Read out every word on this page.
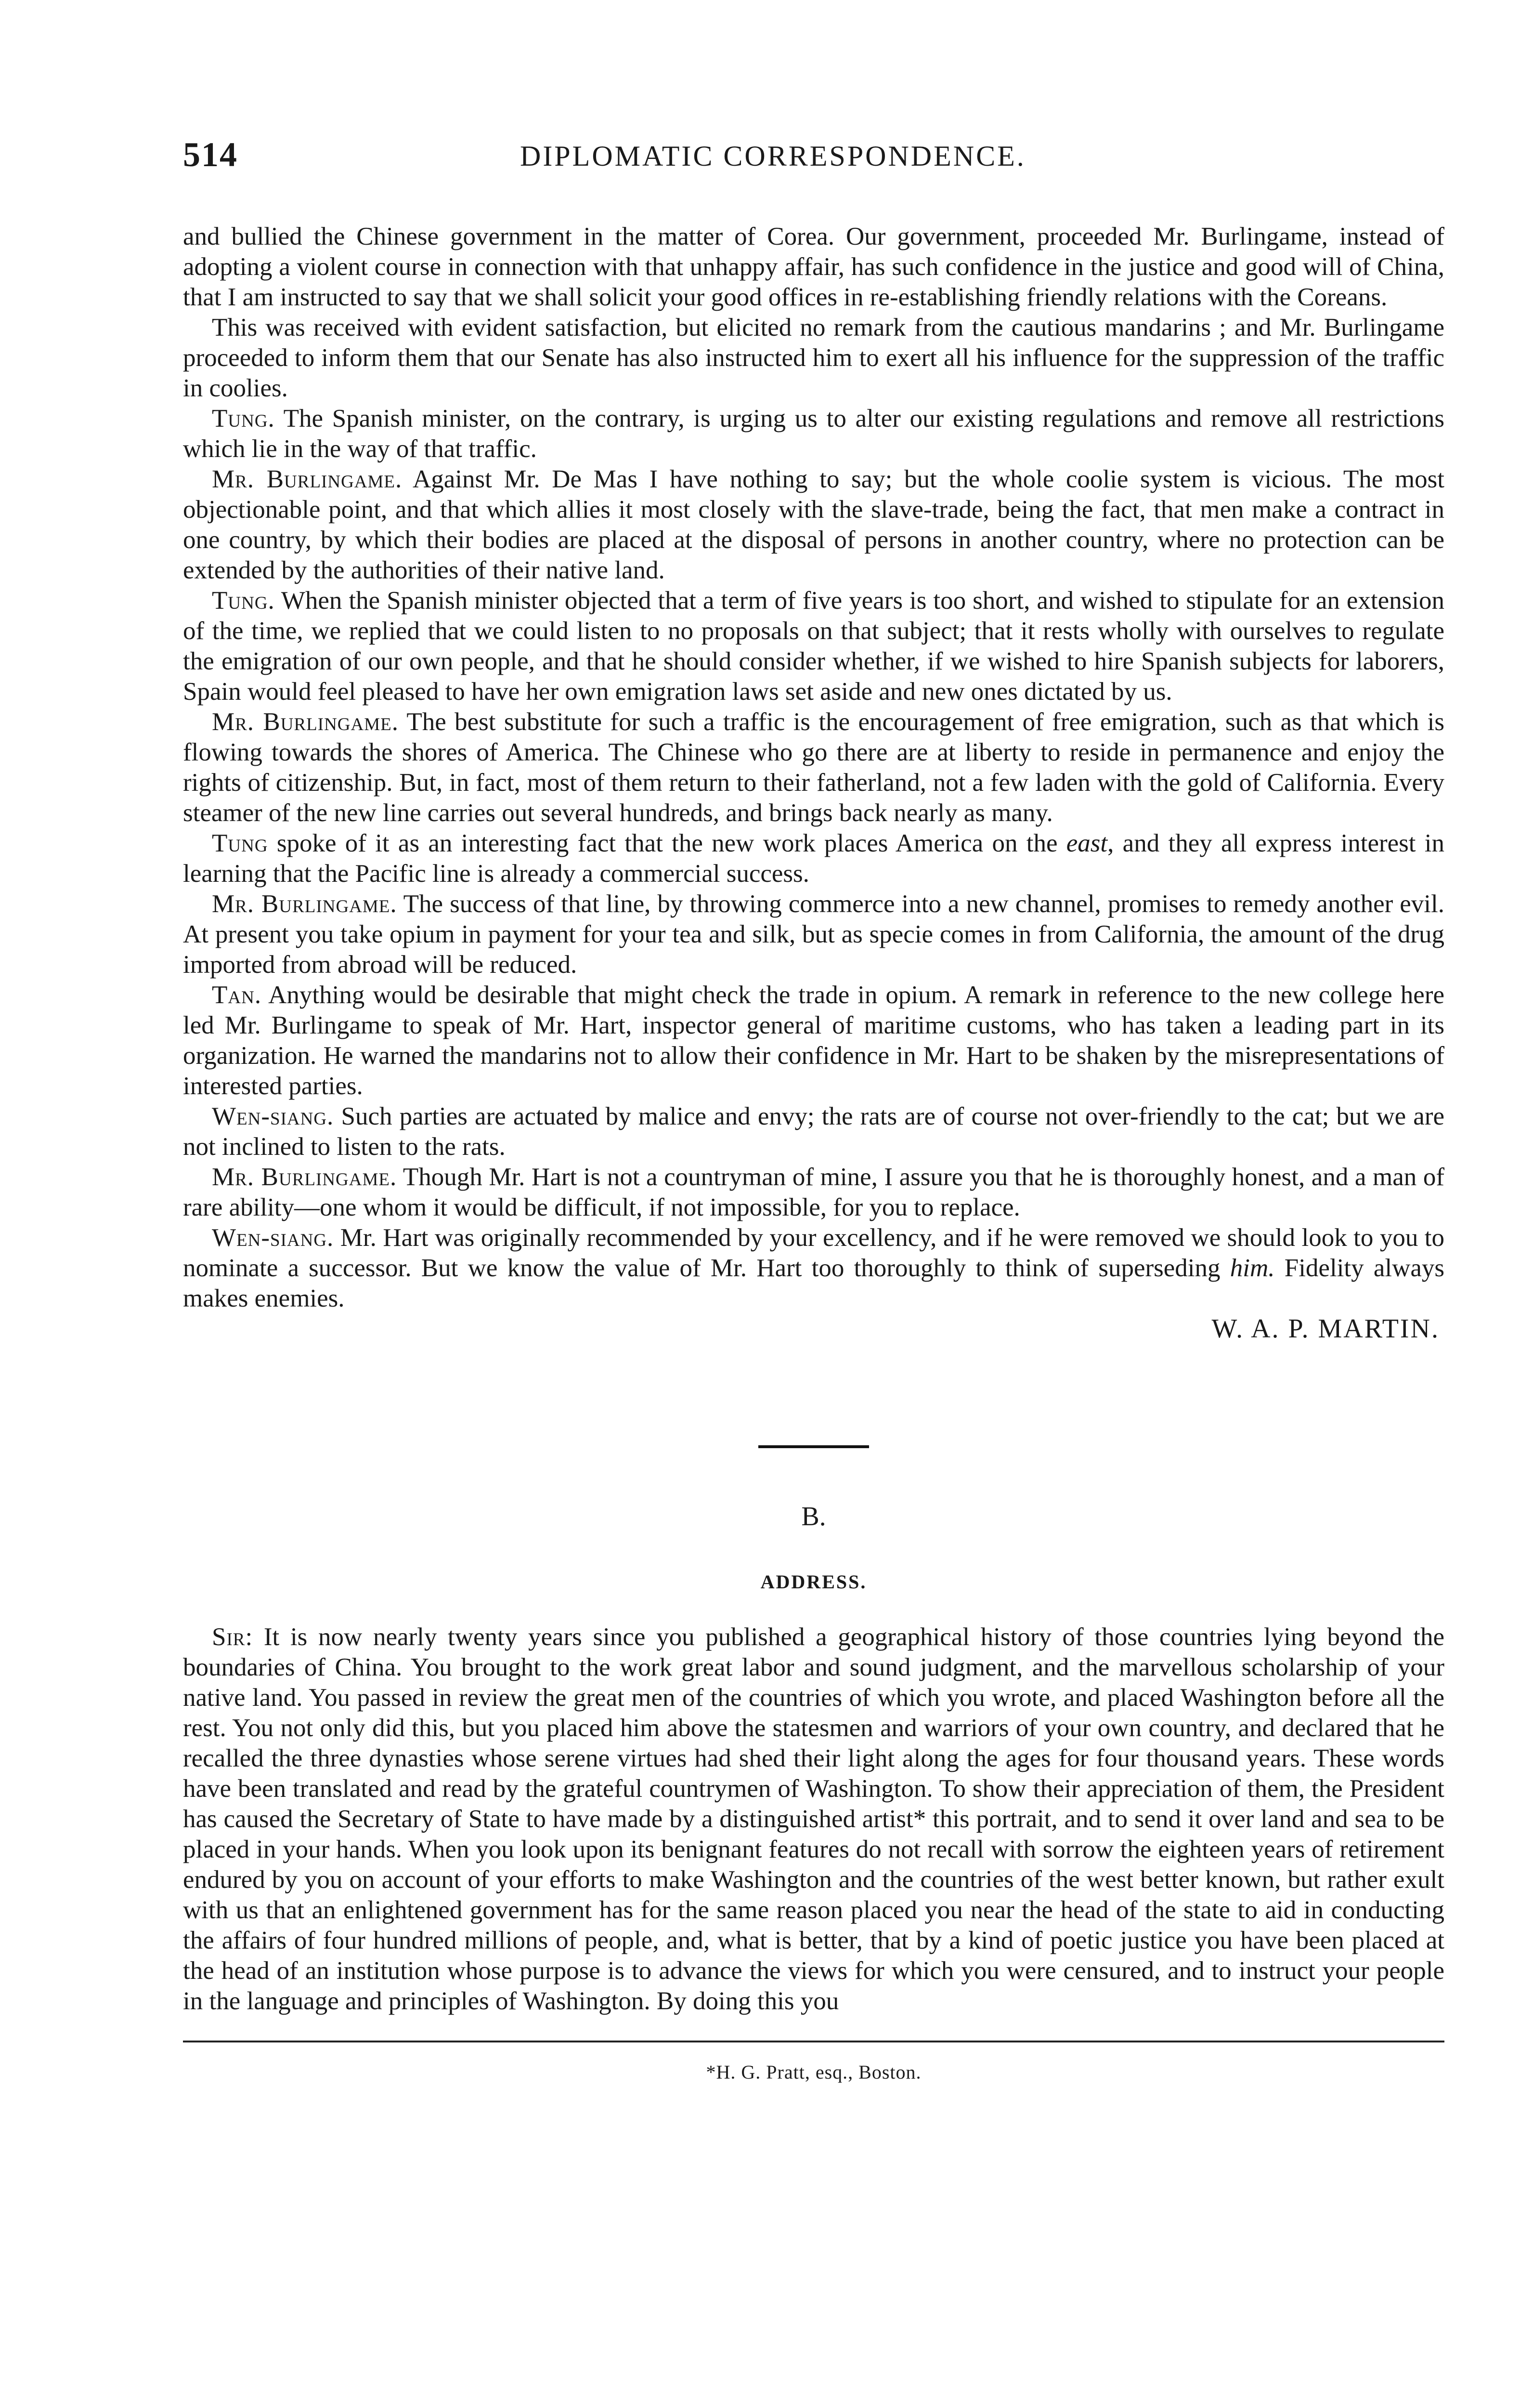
514	DIPLOMATIC CORRESPONDENCE.

and bullied the Chinese government in the matter of Corea. Our government, proceeded Mr. Burlingame, instead of adopting a violent course in connection with that unhappy affair, has such confidence in the justice and good will of China, that I am instructed to say that we shall solicit your good offices in re-establishing friendly relations with the Coreans.

This was received with evident satisfaction, but elicited no remark from the cautious mandarins ; and Mr. Burlingame proceeded to inform them that our Senate has also instructed him to exert all his influence for the suppression of the traffic in coolies.

Tung. The Spanish minister, on the contrary, is urging us to alter our existing regulations and remove all restrictions which lie in the way of that traffic.

Mr. Burlingame. Against Mr. De Mas I have nothing to say; but the whole coolie system is vicious. The most objectionable point, and that which allies it most closely with the slave-trade, being the fact, that men make a contract in one country, by which their bodies are placed at the disposal of persons in another country, where no protection can be extended by the authorities of their native land.

Tung. When the Spanish minister objected that a term of five years is too short, and wished to stipulate for an extension of the time, we replied that we could listen to no proposals on that subject; that it rests wholly with ourselves to regulate the emigration of our own people, and that he should consider whether, if we wished to hire Spanish subjects for laborers, Spain would feel pleased to have her own emigration laws set aside and new ones dictated by us.

Mr. Burlingame. The best substitute for such a traffic is the encouragement of free emigration, such as that which is flowing towards the shores of America. The Chinese who go there are at liberty to reside in permanence and enjoy the rights of citizenship. But, in fact, most of them return to their fatherland, not a few laden with the gold of California. Every steamer of the new line carries out several hundreds, and brings back nearly as many.

Tung spoke of it as an interesting fact that the new work places America on the east, and they all express interest in learning that the Pacific line is already a commercial success.

Mr. Burlingame. The success of that line, by throwing commerce into a new channel, promises to remedy another evil. At present you take opium in payment for your tea and silk, but as specie comes in from California, the amount of the drug imported from abroad will be reduced.

Tan. Anything would be desirable that might check the trade in opium. A remark in reference to the new college here led Mr. Burlingame to speak of Mr. Hart, inspector general of maritime customs, who has taken a leading part in its organization. He warned the mandarins not to allow their confidence in Mr. Hart to be shaken by the misrepresentations of interested parties.

Wen-siang. Such parties are actuated by malice and envy; the rats are of course not over-friendly to the cat; but we are not inclined to listen to the rats.

Mr. Burlingame. Though Mr. Hart is not a countryman of mine, I assure you that he is thoroughly honest, and a man of rare ability—one whom it would be difficult, if not impossible, for you to replace.

Wen-siang. Mr. Hart was originally recommended by your excellency, and if he were removed we should look to you to nominate a successor. But we know the value of Mr. Hart too thoroughly to think of superseding him. Fidelity always makes enemies.

W. A. P. MARTIN.
B.
ADDRESS.

Sir: It is now nearly twenty years since you published a geographical history of those countries lying beyond the boundaries of China. You brought to the work great labor and sound judgment, and the marvellous scholarship of your native land. You passed in review the great men of the countries of which you wrote, and placed Washington before all the rest. You not only did this, but you placed him above the statesmen and warriors of your own country, and declared that he recalled the three dynasties whose serene virtues had shed their light along the ages for four thousand years. These words have been translated and read by the grateful countrymen of Washington. To show their appreciation of them, the President has caused the Secretary of State to have made by a distinguished artist* this portrait, and to send it over land and sea to be placed in your hands. When you look upon its benignant features do not recall with sorrow the eighteen years of retirement endured by you on account of your efforts to make Washington and the countries of the west better known, but rather exult with us that an enlightened government has for the same reason placed you near the head of the state to aid in conducting the affairs of four hundred millions of people, and, what is better, that by a kind of poetic justice you have been placed at the head of an institution whose purpose is to advance the views for which you were censured, and to instruct your people in the language and principles of Washington. By doing this you

*H. G. Pratt, esq., Boston.
